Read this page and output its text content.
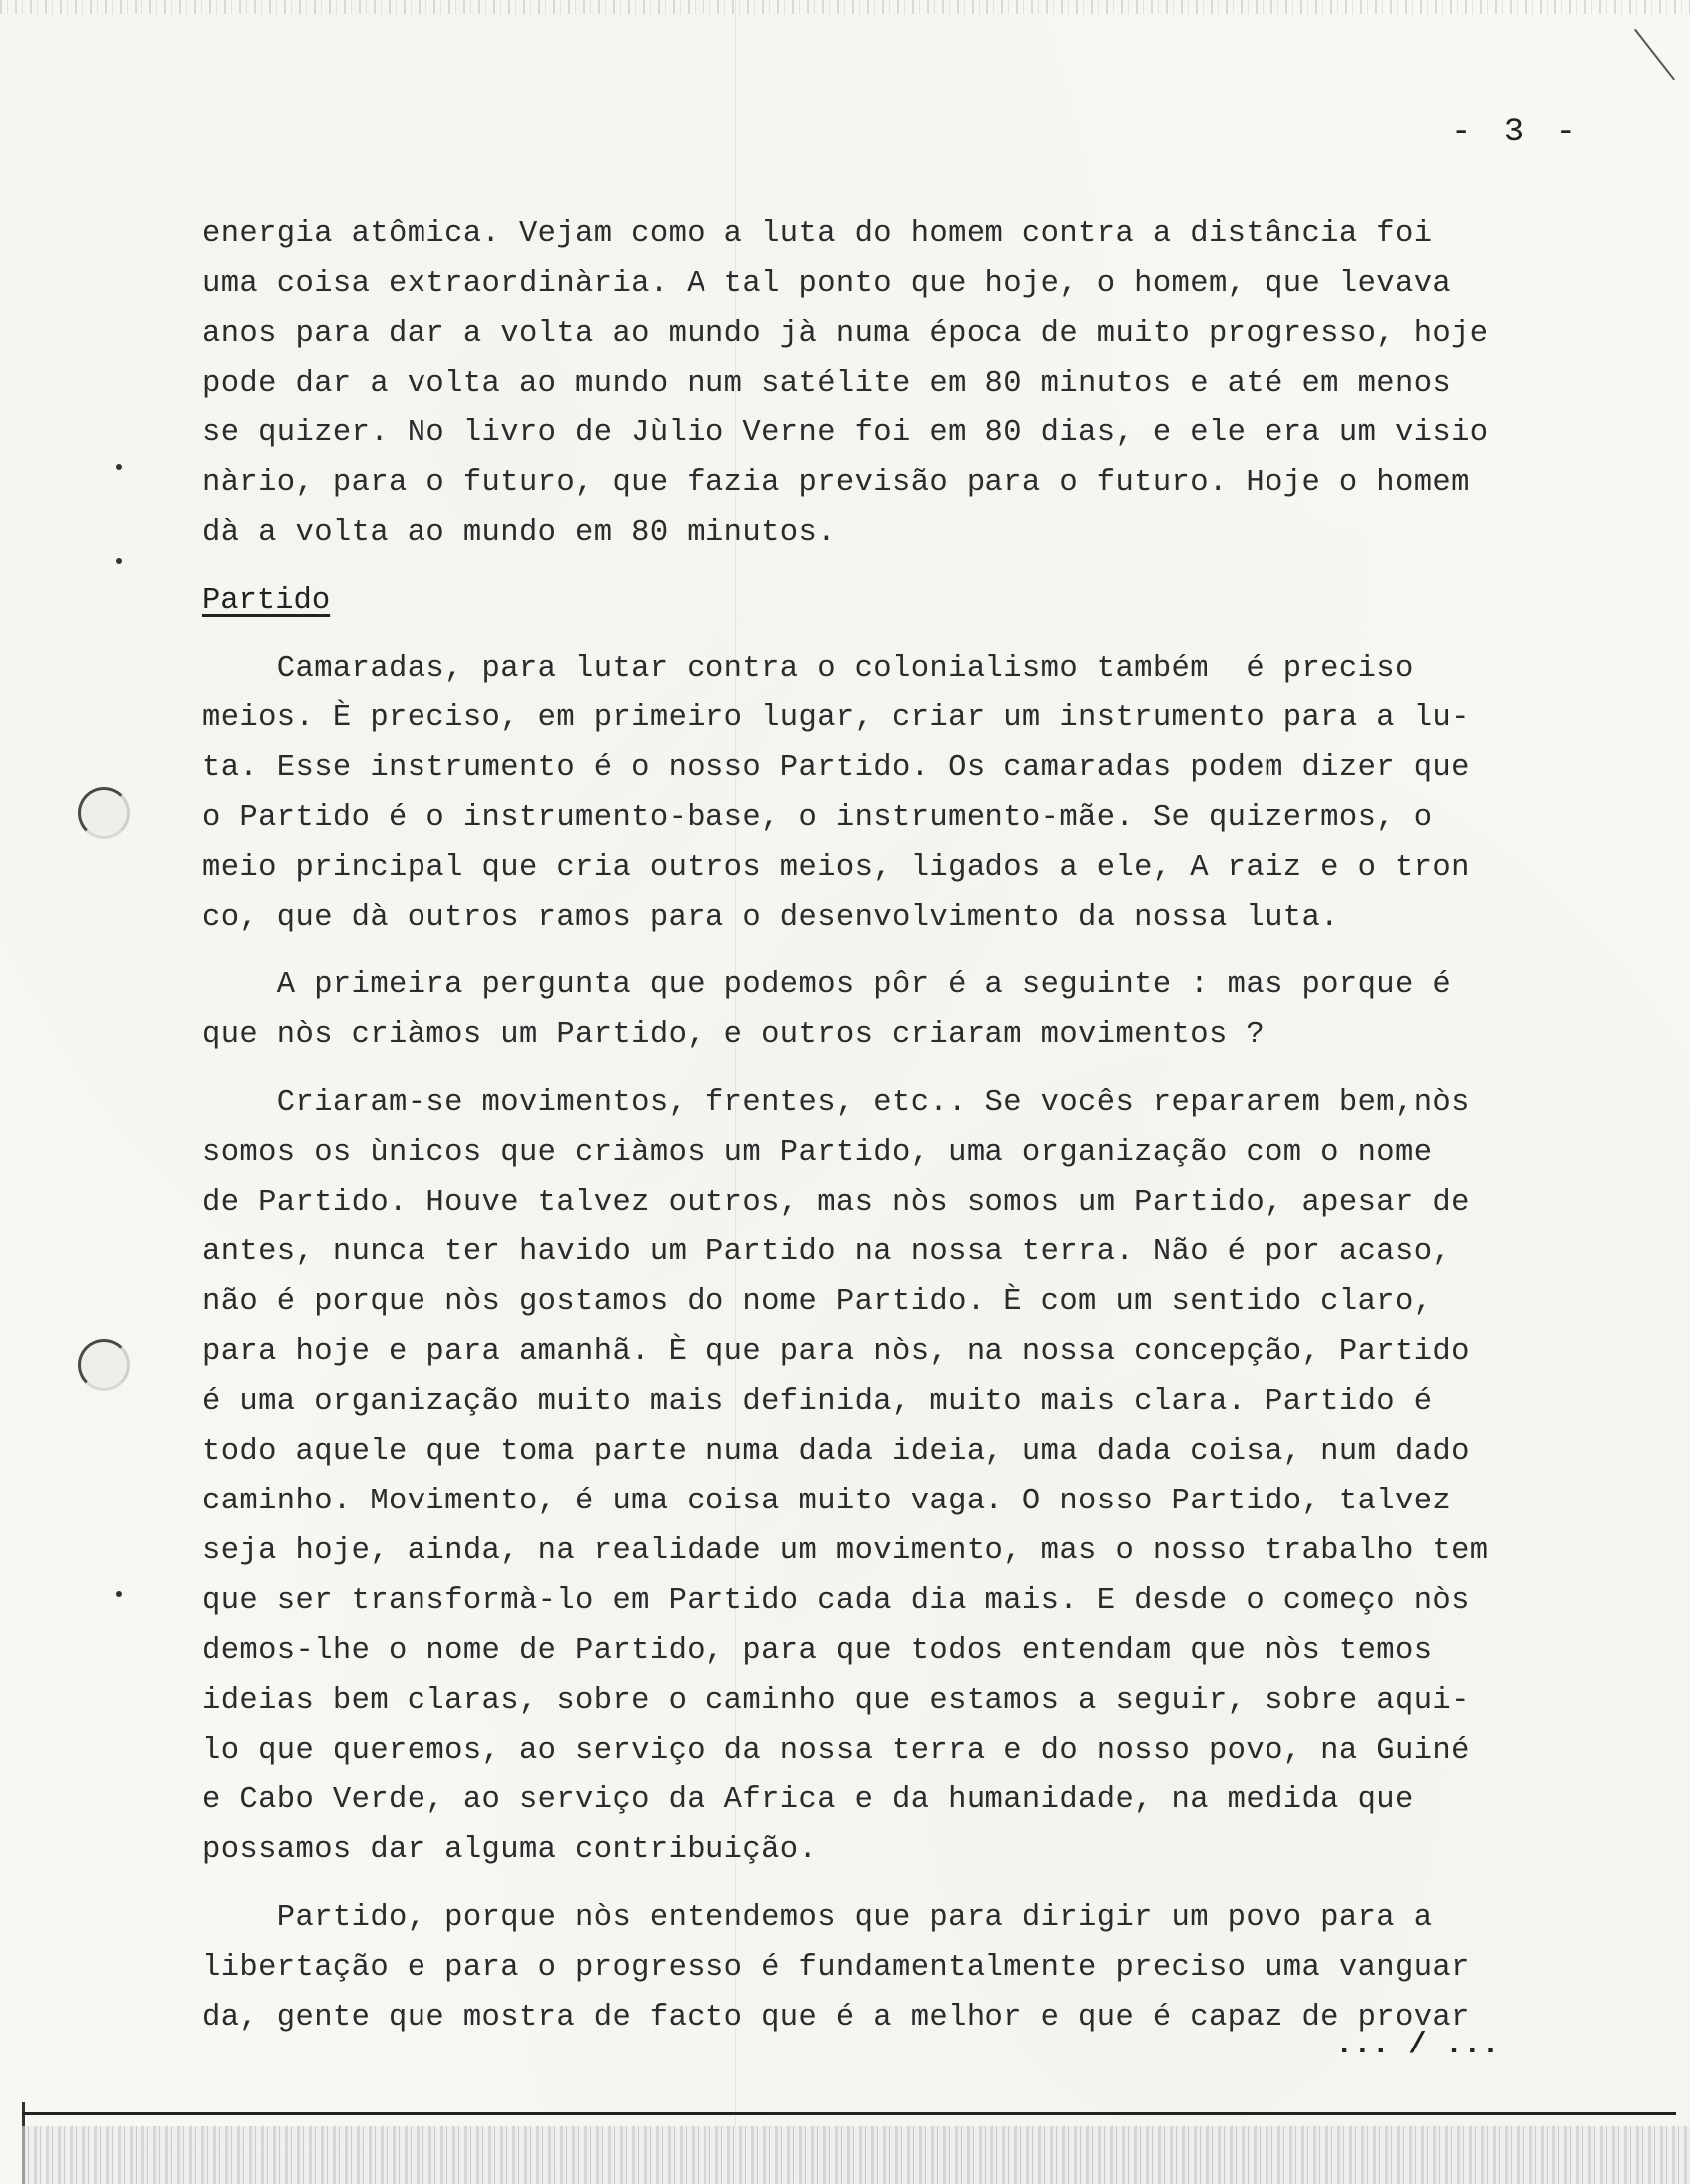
- 3 -
energia atômica. Vejam como a luta do homem contra a distância foi
uma coisa extraordinària. A tal ponto que hoje, o homem, que levava
anos para dar a volta ao mundo jà numa época de muito progresso, hoje
pode dar a volta ao mundo num satélite em 80 minutos e até em menos
se quizer. No livro de Jùlio Verne foi em 80 dias, e ele era um visio
nàrio, para o futuro, que fazia previsão para o futuro. Hoje o homem
dà a volta ao mundo em 80 minutos.
Partido
Camaradas, para lutar contra o colonialismo também  é preciso
meios. È preciso, em primeiro lugar, criar um instrumento para a lu-
ta. Esse instrumento é o nosso Partido. Os camaradas podem dizer que
o Partido é o instrumento-base, o instrumento-mãe. Se quizermos, o
meio principal que cria outros meios, ligados a ele, A raiz e o tron
co, que dà outros ramos para o desenvolvimento da nossa luta.
A primeira pergunta que podemos pôr é a seguinte : mas porque é
que nòs criàmos um Partido, e outros criaram movimentos ?
Criaram-se movimentos, frentes, etc.. Se vocês repararem bem,nòs
somos os ùnicos que criàmos um Partido, uma organização com o nome
de Partido. Houve talvez outros, mas nòs somos um Partido, apesar de
antes, nunca ter havido um Partido na nossa terra. Não é por acaso,
não é porque nòs gostamos do nome Partido. È com um sentido claro,
para hoje e para amanhã. È que para nòs, na nossa concepção, Partido
é uma organização muito mais definida, muito mais clara. Partido é
todo aquele que toma parte numa dada ideia, uma dada coisa, num dado
caminho. Movimento, é uma coisa muito vaga. O nosso Partido, talvez
seja hoje, ainda, na realidade um movimento, mas o nosso trabalho tem
que ser transformà-lo em Partido cada dia mais. E desde o começo nòs
demos-lhe o nome de Partido, para que todos entendam que nòs temos
ideias bem claras, sobre o caminho que estamos a seguir, sobre aqui-
lo que queremos, ao serviço da nossa terra e do nosso povo, na Guiné
e Cabo Verde, ao serviço da Africa e da humanidade, na medida que
possamos dar alguma contribuição.
Partido, porque nòs entendemos que para dirigir um povo para a
libertação e para o progresso é fundamentalmente preciso uma vanguar
da, gente que mostra de facto que é a melhor e que é capaz de provar
... / ...
